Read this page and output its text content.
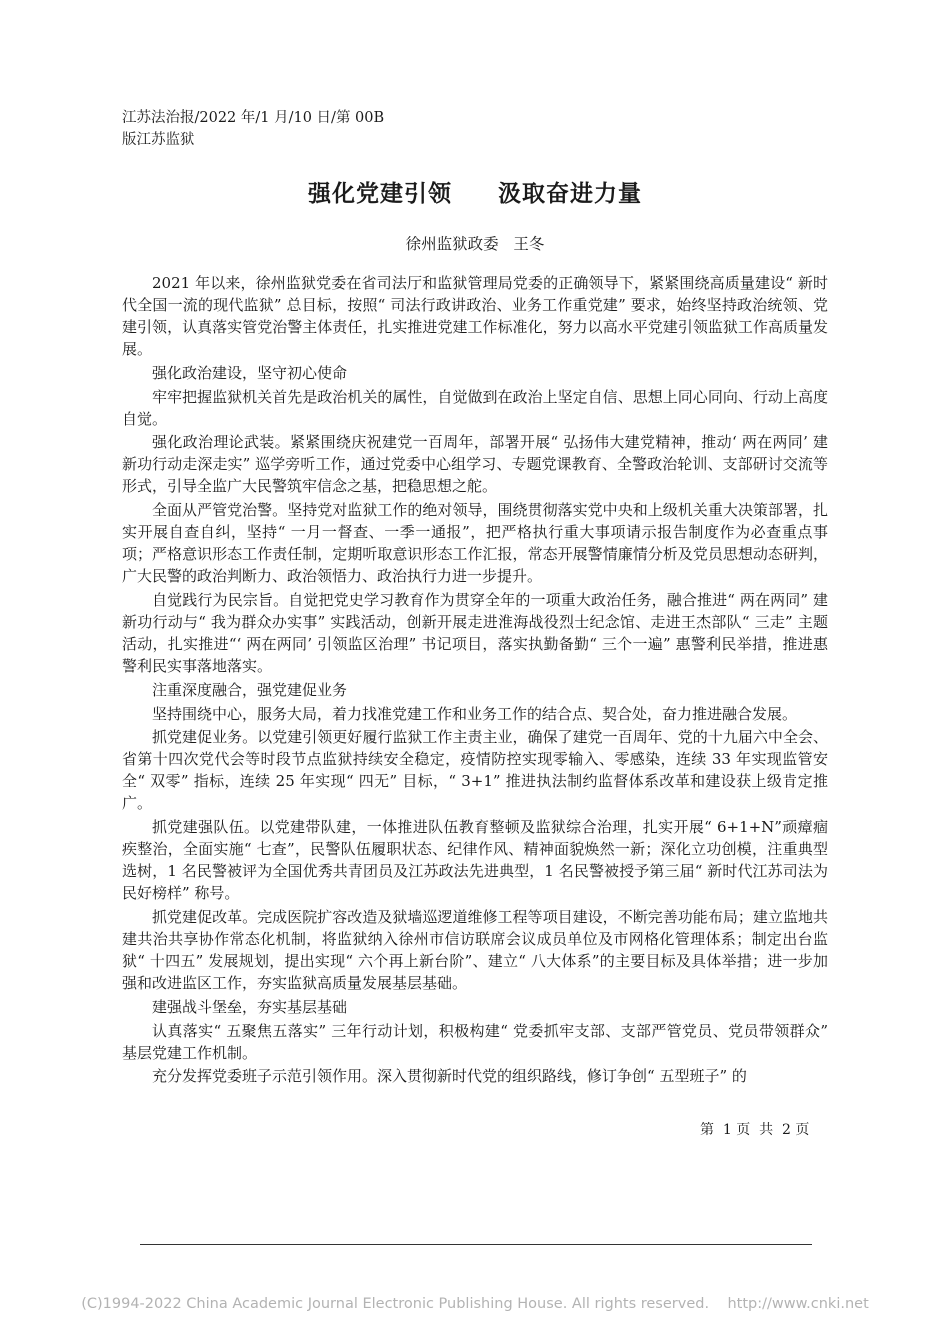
江苏法治报/2022 年/1 月/10 日/第 00B
版江苏监狱
强化党建引领  汲取奋进力量
徐州监狱政委   王冬

2021 年以来，徐州监狱党委在省司法厅和监狱管理局党委的正确领导下，紧紧围绕高质量建设“ 新时代全国一流的现代监狱” 总目标，按照“ 司法行政讲政治、业务工作重党建” 要求，始终坚持政治统领、党建引领，认真落实管党治警主体责任，扎实推进党建工作标准化，努力以高水平党建引领监狱工作高质量发展。

强化政治建设，坚守初心使命

牢牢把握监狱机关首先是政治机关的属性，自觉做到在政治上坚定自信、思想上同心同向、行动上高度自觉。

强化政治理论武装。紧紧围绕庆祝建党一百周年，部署开展“ 弘扬伟大建党精神，推动‘ 两在两同’ 建新功行动走深走实” 巡学旁听工作，通过党委中心组学习、专题党课教育、全警政治轮训、支部研讨交流等形式，引导全监广大民警筑牢信念之基，把稳思想之舵。

全面从严管党治警。坚持党对监狱工作的绝对领导，围绕贯彻落实党中央和上级机关重大决策部署，扎实开展自查自纠，坚持“ 一月一督查、一季一通报”，把严格执行重大事项请示报告制度作为必查重点事项；严格意识形态工作责任制，定期听取意识形态工作汇报，常态开展警情廉情分析及党员思想动态研判，广大民警的政治判断力、政治领悟力、政治执行力进一步提升。

自觉践行为民宗旨。自觉把党史学习教育作为贯穿全年的一项重大政治任务，融合推进“ 两在两同” 建新功行动与“ 我为群众办实事” 实践活动，创新开展走进淮海战役烈士纪念馆、走进王杰部队“ 三走” 主题活动，扎实推进“‘ 两在两同’ 引领监区治理” 书记项目，落实执勤备勤“ 三个一遍” 惠警利民举措，推进惠警利民实事落地落实。

注重深度融合，强党建促业务

坚持围绕中心，服务大局，着力找准党建工作和业务工作的结合点、契合处，奋力推进融合发展。

抓党建促业务。以党建引领更好履行监狱工作主责主业，确保了建党一百周年、党的十九届六中全会、省第十四次党代会等时段节点监狱持续安全稳定，疫情防控实现零输入、零感染，连续 33 年实现监管安全“ 双零” 指标，连续 25 年实现“ 四无” 目标，“ 3+1” 推进执法制约监督体系改革和建设获上级肯定推广。

抓党建强队伍。以党建带队建，一体推进队伍教育整顿及监狱综合治理，扎实开展“ 6+1+N”顽瘴痼疾整治，全面实施“ 七查”，民警队伍履职状态、纪律作风、精神面貌焕然一新；深化立功创模，注重典型选树，1 名民警被评为全国优秀共青团员及江苏政法先进典型，1 名民警被授予第三届“ 新时代江苏司法为民好榜样” 称号。

抓党建促改革。完成医院扩容改造及狱墙巡逻道维修工程等项目建设，不断完善功能布局；建立监地共建共治共享协作常态化机制，将监狱纳入徐州市信访联席会议成员单位及市网格化管理体系；制定出台监狱“ 十四五” 发展规划，提出实现“ 六个再上新台阶”、建立“ 八大体系”的主要目标及具体举措；进一步加强和改进监区工作，夯实监狱高质量发展基层基础。

建强战斗堡垒，夯实基层基础

认真落实“ 五聚焦五落实” 三年行动计划，积极构建“ 党委抓牢支部、支部严管党员、党员带领群众” 基层党建工作机制。

充分发挥党委班子示范引领作用。深入贯彻新时代党的组织路线，修订争创“ 五型班子” 的

第  1 页  共  2 页
(C)1994-2022 China Academic Journal Electronic Publishing House. All rights reserved.    http://www.cnki.net
